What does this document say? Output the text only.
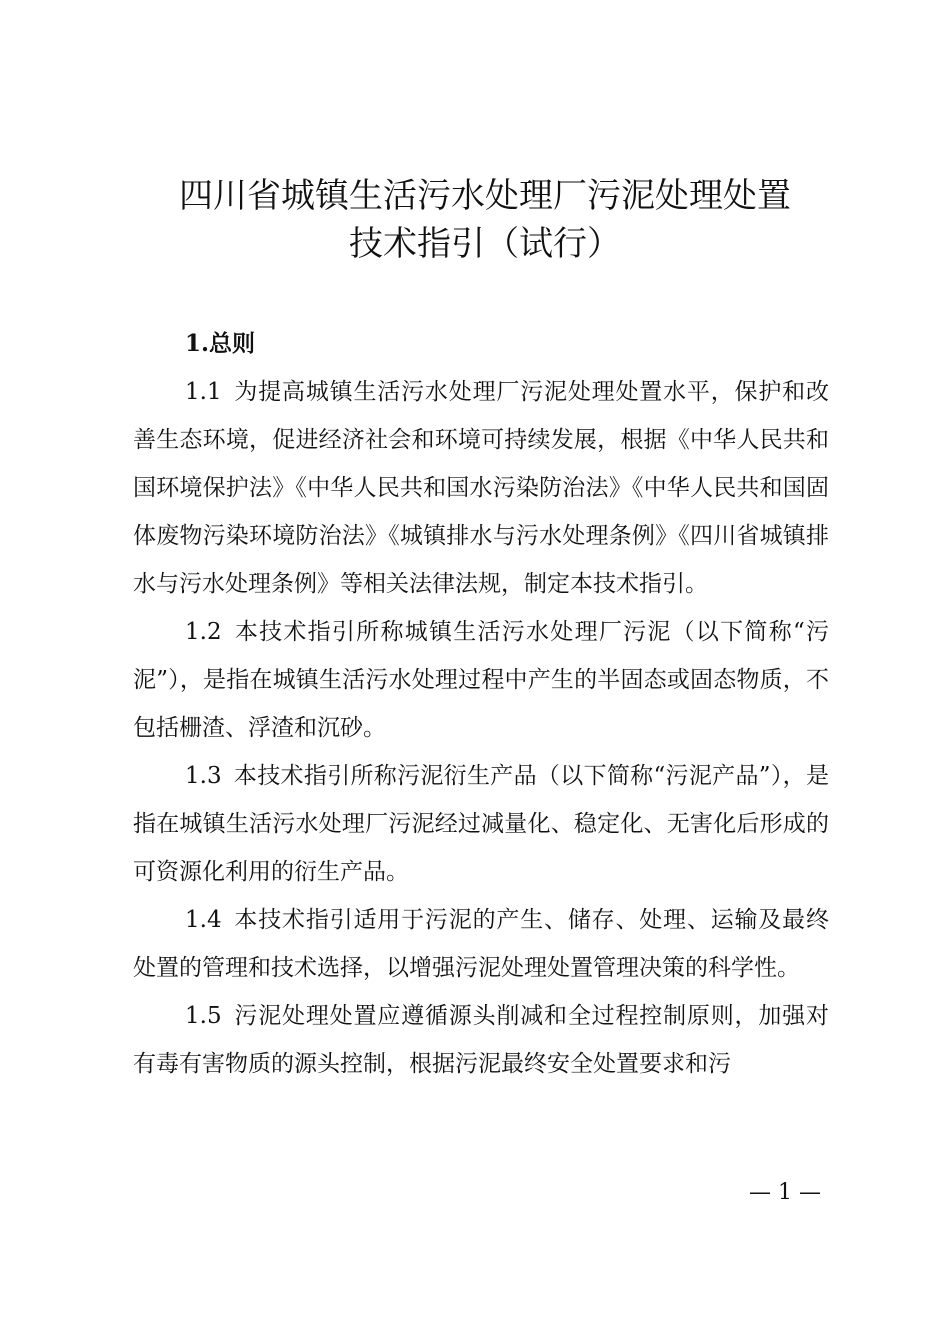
四川省城镇生活污水处理厂污泥处理处置
技术指引（试行）

1.总则

1.1 为提高城镇生活污水处理厂污泥处理处置水平，保护和改善生态环境，促进经济社会和环境可持续发展，根据《中华人民共和国环境保护法》《中华人民共和国水污染防治法》《中华人民共和国固体废物污染环境防治法》《城镇排水与污水处理条例》《四川省城镇排水与污水处理条例》等相关法律法规，制定本技术指引。

1.2 本技术指引所称城镇生活污水处理厂污泥（以下简称“污泥”），是指在城镇生活污水处理过程中产生的半固态或固态物质，不包括栅渣、浮渣和沉砂。

1.3 本技术指引所称污泥衍生产品（以下简称“污泥产品”），是指在城镇生活污水处理厂污泥经过减量化、稳定化、无害化后形成的可资源化利用的衍生产品。

1.4 本技术指引适用于污泥的产生、储存、处理、运输及最终处置的管理和技术选择，以增强污泥处理处置管理决策的科学性。

1.5 污泥处理处置应遵循源头削减和全过程控制原则，加强对有毒有害物质的源头控制，根据污泥最终安全处置要求和污

— 1 —
